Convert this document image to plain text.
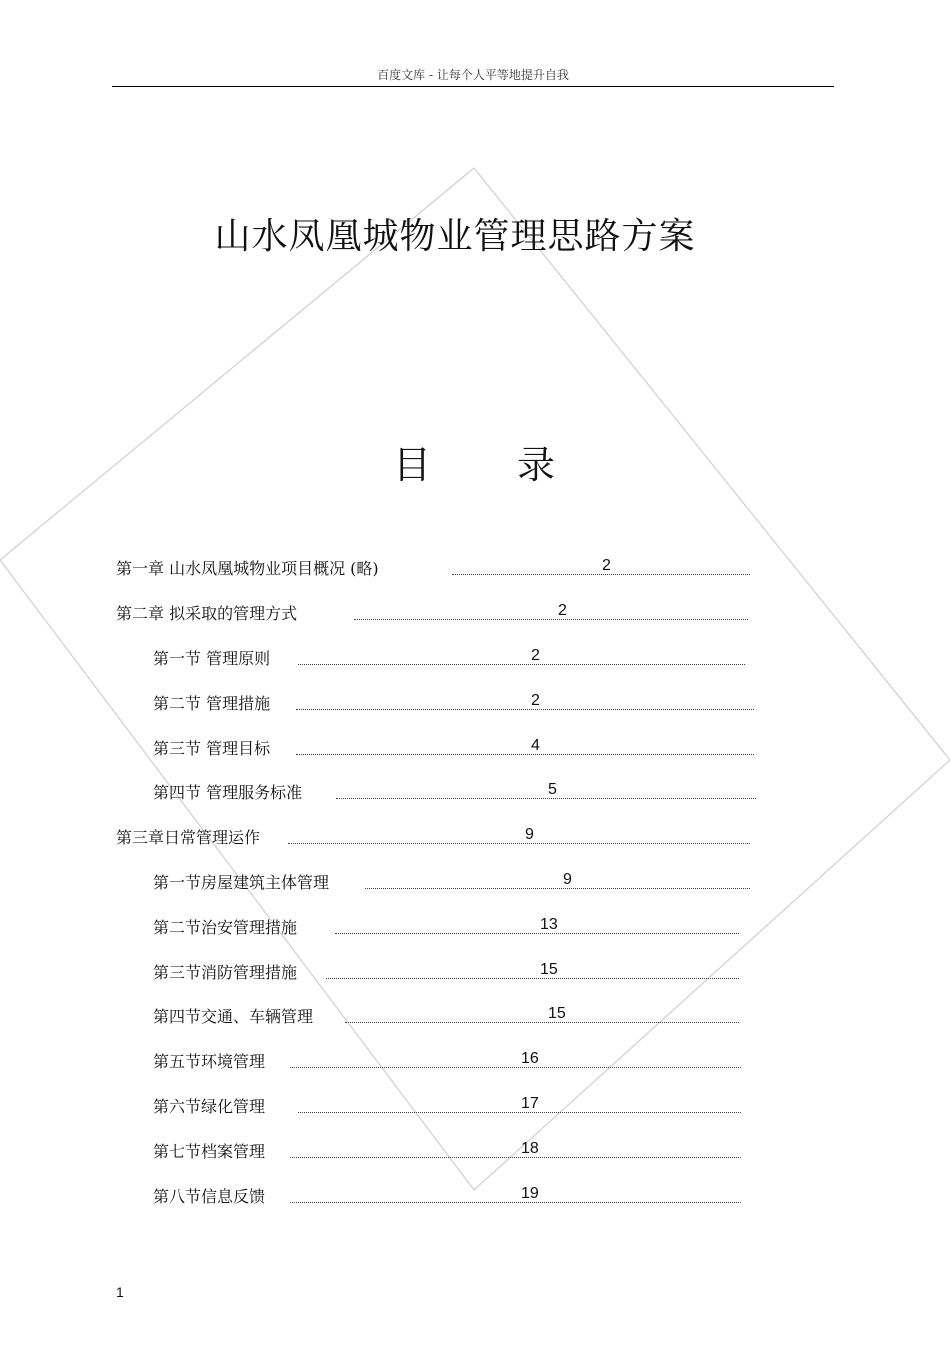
百度文库 - 让每个人平等地提升自我
山水凤凰城物业管理思路方案
目 录
第一章 山水凤凰城物业项目概况 (略)	2
第二章 拟采取的管理方式	2
第一节 管理原则	2
第二节 管理措施	2
第三节 管理目标	4
第四节 管理服务标准	5
第三章日常管理运作	9
第一节房屋建筑主体管理	9
第二节治安管理措施	13
第三节消防管理措施	15
第四节交通、车辆管理	15
第五节环境管理	16
第六节绿化管理	17
第七节档案管理	18
第八节信息反馈	19
1
